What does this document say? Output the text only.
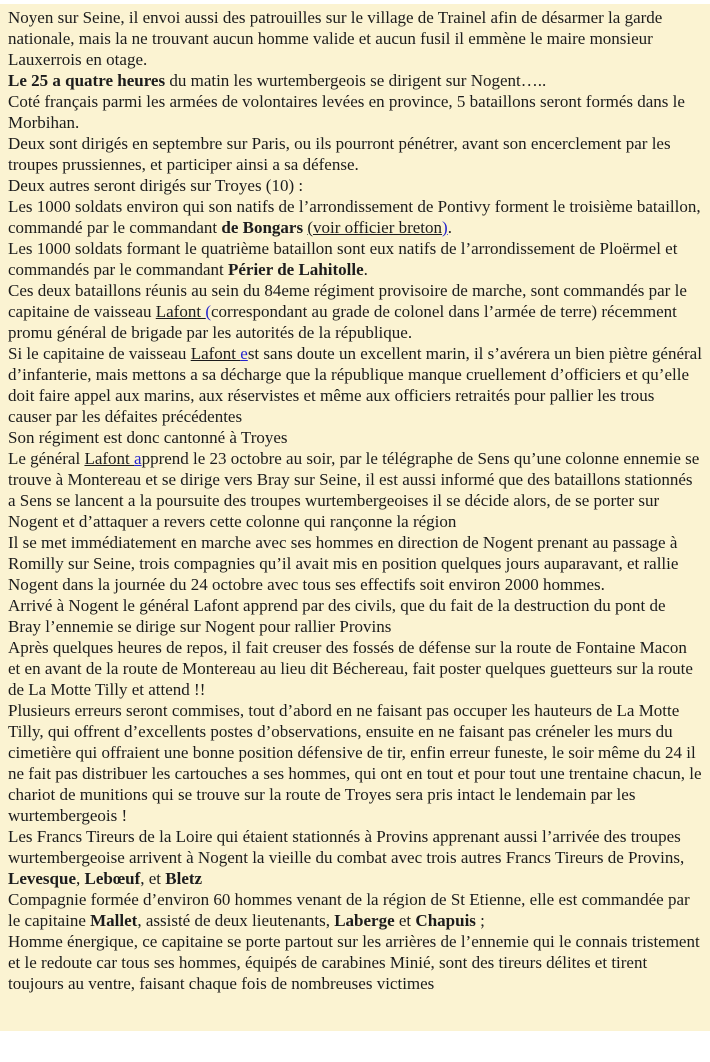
Noyen sur Seine, il envoi aussi des patrouilles sur le village de Trainel afin de désarmer la garde nationale, mais la ne trouvant aucun homme valide et aucun fusil il emmène le maire monsieur Lauxerrois en otage.
Le 25 a quatre heures du matin les wurtembergeois se dirigent sur Nogent…..
Coté français parmi les armées de volontaires levées en province, 5 bataillons seront formés dans le Morbihan.
Deux sont dirigés en septembre sur Paris, ou ils pourront pénétrer, avant son encerclement par les troupes prussiennes, et participer ainsi a sa défense.
Deux autres seront dirigés sur Troyes (10) :
Les 1000 soldats environ qui son natifs de l’arrondissement de Pontivy forment le troisième bataillon, commandé par le commandant de Bongars (voir officier breton).
Les 1000 soldats formant le quatrième bataillon sont eux natifs de l’arrondissement de Ploërmel et commandés par le commandant Périer de Lahitolle.
Ces deux bataillons réunis au sein du 84eme régiment provisoire de marche, sont commandés par le capitaine de vaisseau Lafont (correspondant au grade de colonel dans l’armée de terre) récemment promu général de brigade par les autorités de la république.
Si le capitaine de vaisseau Lafont est sans doute un excellent marin, il s’avérera un bien piètre général d’infanterie, mais mettons a sa décharge que la république manque cruellement d’officiers et qu’elle doit faire appel aux marins, aux réservistes et même aux officiers retraités pour pallier les trous causer par les défaites précédentes
Son régiment est donc cantonné à Troyes
Le général Lafont apprend le 23 octobre au soir, par le télégraphe de Sens qu’une colonne ennemie se trouve à Montereau et se dirige vers Bray sur Seine, il est aussi informé que des bataillons stationnés a Sens se lancent a la poursuite des troupes wurtembergeoises il se décide alors, de se porter sur Nogent et d’attaquer a revers cette colonne qui rançonne la région
Il se met immédiatement en marche avec ses hommes en direction de Nogent prenant au passage à Romilly sur Seine, trois compagnies qu’il avait mis en position quelques jours auparavant, et rallie Nogent dans la journée du 24 octobre avec tous ses effectifs soit environ 2000 hommes.
Arrivé à Nogent le général Lafont apprend par des civils, que du fait de la destruction du pont de Bray l’ennemie se dirige sur Nogent pour rallier Provins
Après quelques heures de repos, il fait creuser des fossés de défense sur la route de Fontaine Macon et en avant de la route de Montereau au lieu dit Béchereau, fait poster quelques guetteurs sur la route de La Motte Tilly et attend !!
Plusieurs erreurs seront commises, tout d’abord en ne faisant pas occuper les hauteurs de La Motte Tilly, qui offrent d’excellents postes d’observations, ensuite en ne faisant pas créneler les murs du cimetière qui offraient une bonne position défensive de tir, enfin erreur funeste, le soir même du 24 il ne fait pas distribuer les cartouches a ses hommes, qui ont en tout et pour tout une trentaine chacun, le chariot de munitions qui se trouve sur la route de Troyes sera pris intact le lendemain par les wurtembergeois !
Les Francs Tireurs de la Loire qui étaient stationnés à Provins apprenant aussi l’arrivée des troupes wurtembergeoise arrivent à Nogent la vieille du combat avec trois autres Francs Tireurs de Provins, Levesque, Lebœuf, et Bletz
Compagnie formée d’environ 60 hommes venant de la région de St Etienne, elle est commandée par le capitaine Mallet, assisté de deux lieutenants, Laberge et Chapuis ;
Homme énergique, ce capitaine se porte partout sur les arrières de l’ennemie qui le connais tristement et le redoute car tous ses hommes, équipés de carabines Minié, sont des tireurs délites et tirent toujours au ventre, faisant chaque fois de nombreuses victimes
